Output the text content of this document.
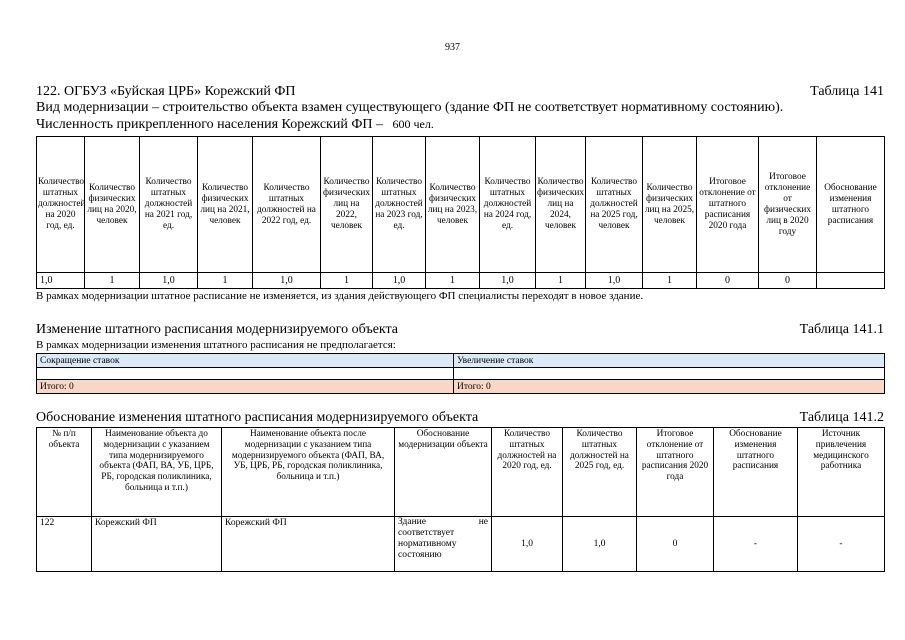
937
122. ОГБУЗ «Буйская ЦРБ» Корежский ФП	Таблица 141
Вид модернизации – строительство объекта взамен существующего (здание ФП не соответствует нормативному состоянию).
Численность прикрепленного населения Корежский ФП – 600 чел.
Количество штатных должностей на 2020 год, ед.	Количество физических лиц на 2020, человек	Количество штатных должностей на 2021 год, ед.	Количество физических лиц на 2021, человек	Количество штатных должностей на 2022 год, ед.	Количество физических лиц на 2022, человек	Количество штатных должностей на 2023 год, ед.	Количество физических лиц на 2023, человек	Количество штатных должностей на 2024 год, ед.	Количество физических лиц на 2024, человек	Количество штатных должностей на 2025 год, человек	Количество физических лиц на 2025, человек	Итоговое отклонение от штатного расписания 2020 года	Итоговое отклонение от физических лиц в 2020 году	Обоснование изменения штатного расписания
1,0	1	1,0	1	1,0	1	1,0	1	1,0	1	1,0	1	0	0	
В рамках модернизации штатное расписание не изменяется, из здания действующего ФП специалисты переходят в новое здание.
Изменение штатного расписания модернизируемого объекта	Таблица 141.1
В рамках модернизации изменения штатного расписания не предполагается:
Сокращение ставок	Увеличение ставок

Итого: 0	Итого: 0
Обоснование изменения штатного расписания модернизируемого объекта	Таблица 141.2
№ п/п объекта	Наименование объекта до модернизации с указанием типа модернизируемого объекта (ФАП, ВА, УБ, ЦРБ, РБ, городская поликлиника, больница и т.п.)	Наименование объекта после модернизации с указанием типа модернизируемого объекта (ФАП, ВА, УБ, ЦРБ, РБ, городская поликлиника, больница и т.п.)	Обоснование модернизации объекта	Количество штатных должностей на 2020 год, ед.	Количество штатных должностей на 2025 год, ед.	Итоговое отклонение от штатного расписания 2020 года	Обоснование изменения штатного расписания	Источник привлечения медицинского работника
122	Корежский ФП	Корежский ФП	Здание не
соответствует нормативному состоянию	1,0	1,0	0	-	-
